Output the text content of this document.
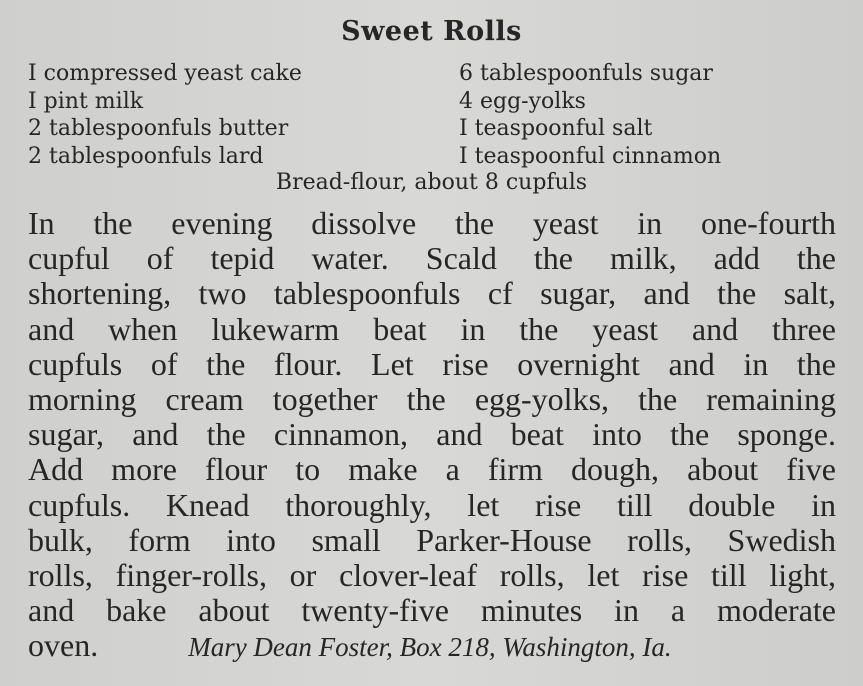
Sweet Rolls
I compressed yeast cake
I pint milk
2 tablespoonfuls butter
2 tablespoonfuls lard
6 tablespoonfuls sugar
4 egg-yolks
I teaspoonful salt
I teaspoonful cinnamon
Bread-flour, about 8 cupfuls
In the evening dissolve the yeast in one-fourth
cupful of tepid water. Scald the milk, add the
shortening, two tablespoonfuls cf sugar, and the salt,
and when lukewarm beat in the yeast and three
cupfuls of the flour. Let rise overnight and in the
morning cream together the egg-yolks, the remaining
sugar, and the cinnamon, and beat into the sponge.
Add more flour to make a firm dough, about five
cupfuls. Knead thoroughly, let rise till double in
bulk, form into small Parker-House rolls, Swedish
rolls, finger-rolls, or clover-leaf rolls, let rise till light,
and bake about twenty-five minutes in a moderate
oven.	Mary Dean Foster, Box 218, Washington, Ia.
